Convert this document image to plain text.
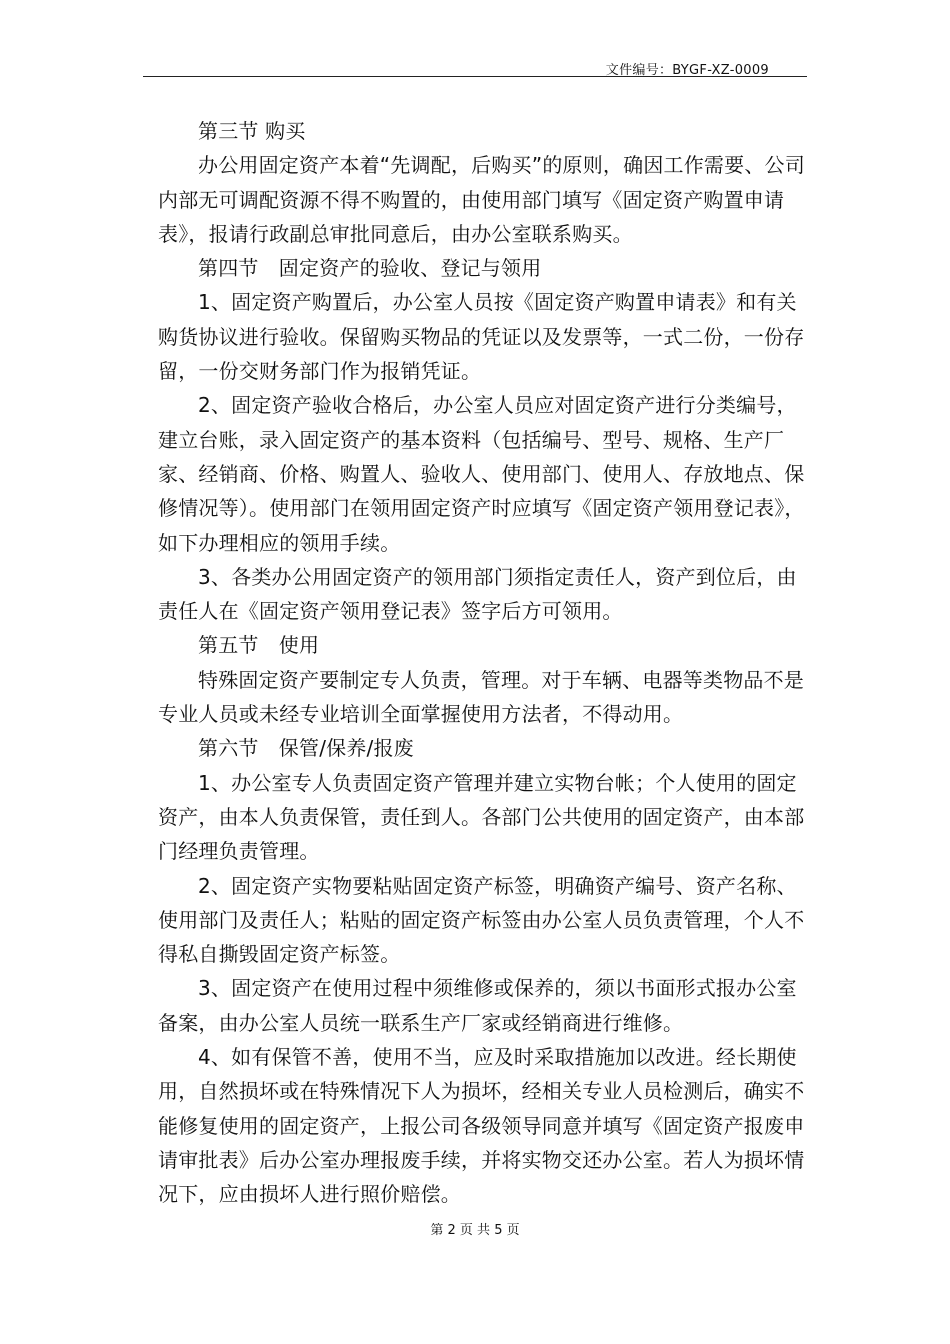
文件编号：BYGF-XZ-0009

第三节 购买

办公用固定资产本着“先调配，后购买”的原则，确因工作需要、公司内部无可调配资源不得不购置的，由使用部门填写《固定资产购置申请表》，报请行政副总审批同意后，由办公室联系购买。

第四节　固定资产的验收、登记与领用

1、固定资产购置后，办公室人员按《固定资产购置申请表》和有关购货协议进行验收。保留购买物品的凭证以及发票等，一式二份，一份存留，一份交财务部门作为报销凭证。

2、固定资产验收合格后，办公室人员应对固定资产进行分类编号，建立台账，录入固定资产的基本资料（包括编号、型号、规格、生产厂家、经销商、价格、购置人、验收人、使用部门、使用人、存放地点、保修情况等）。使用部门在领用固定资产时应填写《固定资产领用登记表》，如下办理相应的领用手续。

3、各类办公用固定资产的领用部门须指定责任人，资产到位后，由责任人在《固定资产领用登记表》签字后方可领用。

第五节　使用

特殊固定资产要制定专人负责，管理。对于车辆、电器等类物品不是专业人员或未经专业培训全面掌握使用方法者，不得动用。

第六节　保管/保养/报废

1、办公室专人负责固定资产管理并建立实物台帐；个人使用的固定资产，由本人负责保管，责任到人。各部门公共使用的固定资产，由本部门经理负责管理。

2、固定资产实物要粘贴固定资产标签，明确资产编号、资产名称、使用部门及责任人；粘贴的固定资产标签由办公室人员负责管理，个人不得私自撕毁固定资产标签。

3、固定资产在使用过程中须维修或保养的，须以书面形式报办公室备案，由办公室人员统一联系生产厂家或经销商进行维修。

4、如有保管不善，使用不当，应及时采取措施加以改进。经长期使用，自然损坏或在特殊情况下人为损坏，经相关专业人员检测后，确实不能修复使用的固定资产，上报公司各级领导同意并填写《固定资产报废申请审批表》后办公室办理报废手续，并将实物交还办公室。若人为损坏情况下，应由损坏人进行照价赔偿。

第 2 页 共 5 页
